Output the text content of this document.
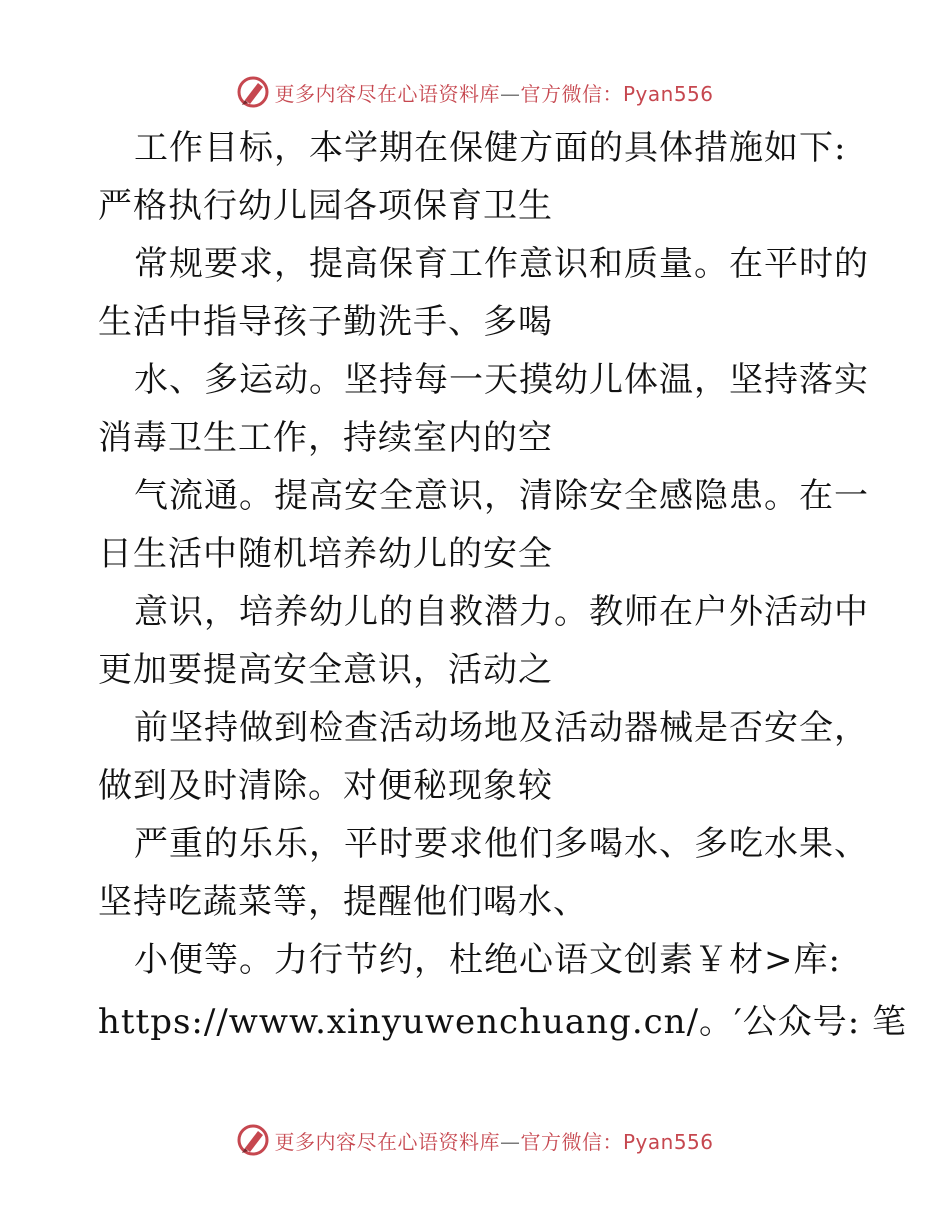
更多内容尽在心语资料库—官方微信：Pyan556
工作目标，本学期在保健方面的具体措施如下:
严格执行幼儿园各项保育卫生
常规要求，提高保育工作意识和质量。在平时的
生活中指导孩子勤洗手、多喝
水、多运动。坚持每一天摸幼儿体温，坚持落实
消毒卫生工作，持续室内的空
气流通。提高安全意识，清除安全感隐患。在一
日生活中随机培养幼儿的安全
意识，培养幼儿的自救潜力。教师在户外活动中
更加要提高安全意识，活动之
前坚持做到检查活动场地及活动器械是否安全，
做到及时清除。对便秘现象较
严重的乐乐，平时要求他们多喝水、多吃水果、
坚持吃蔬菜等，提醒他们喝水、
小便等。力行节约，杜绝心语文创素￥材>库:
https://www.xinyuwenchuang.cn/。′公众号: 笔
更多内容尽在心语资料库—官方微信：Pyan556
